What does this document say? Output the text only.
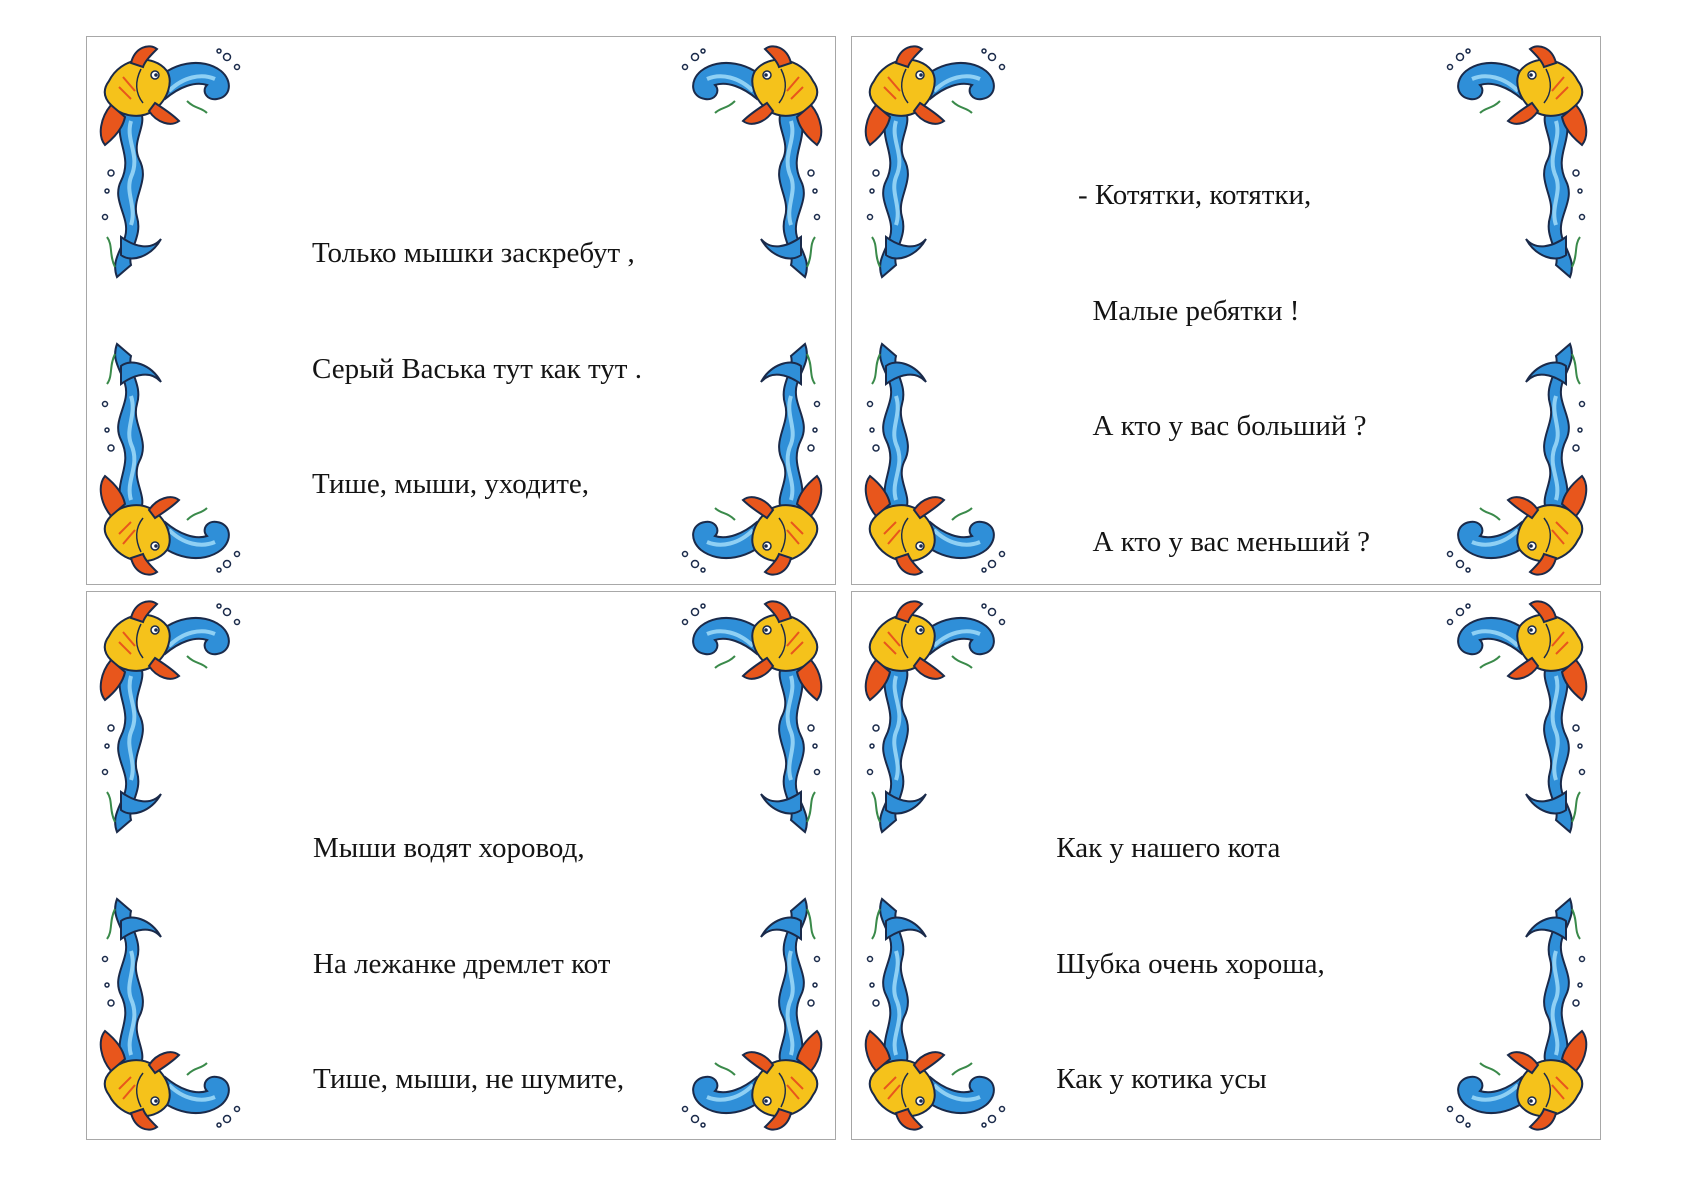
Только мышки заскребут ,

Серый Васька тут как тут .

Тише, мыши, уходите,

- Котятки, котятки,

Малые ребятки !

А кто у вас больший ?

А кто у вас меньший ?

Мыши водят хоровод,

На лежанке дремлет кот

Тише, мыши, не шумите,

Как у нашего кота

Шубка очень хороша,

Как у котика усы
